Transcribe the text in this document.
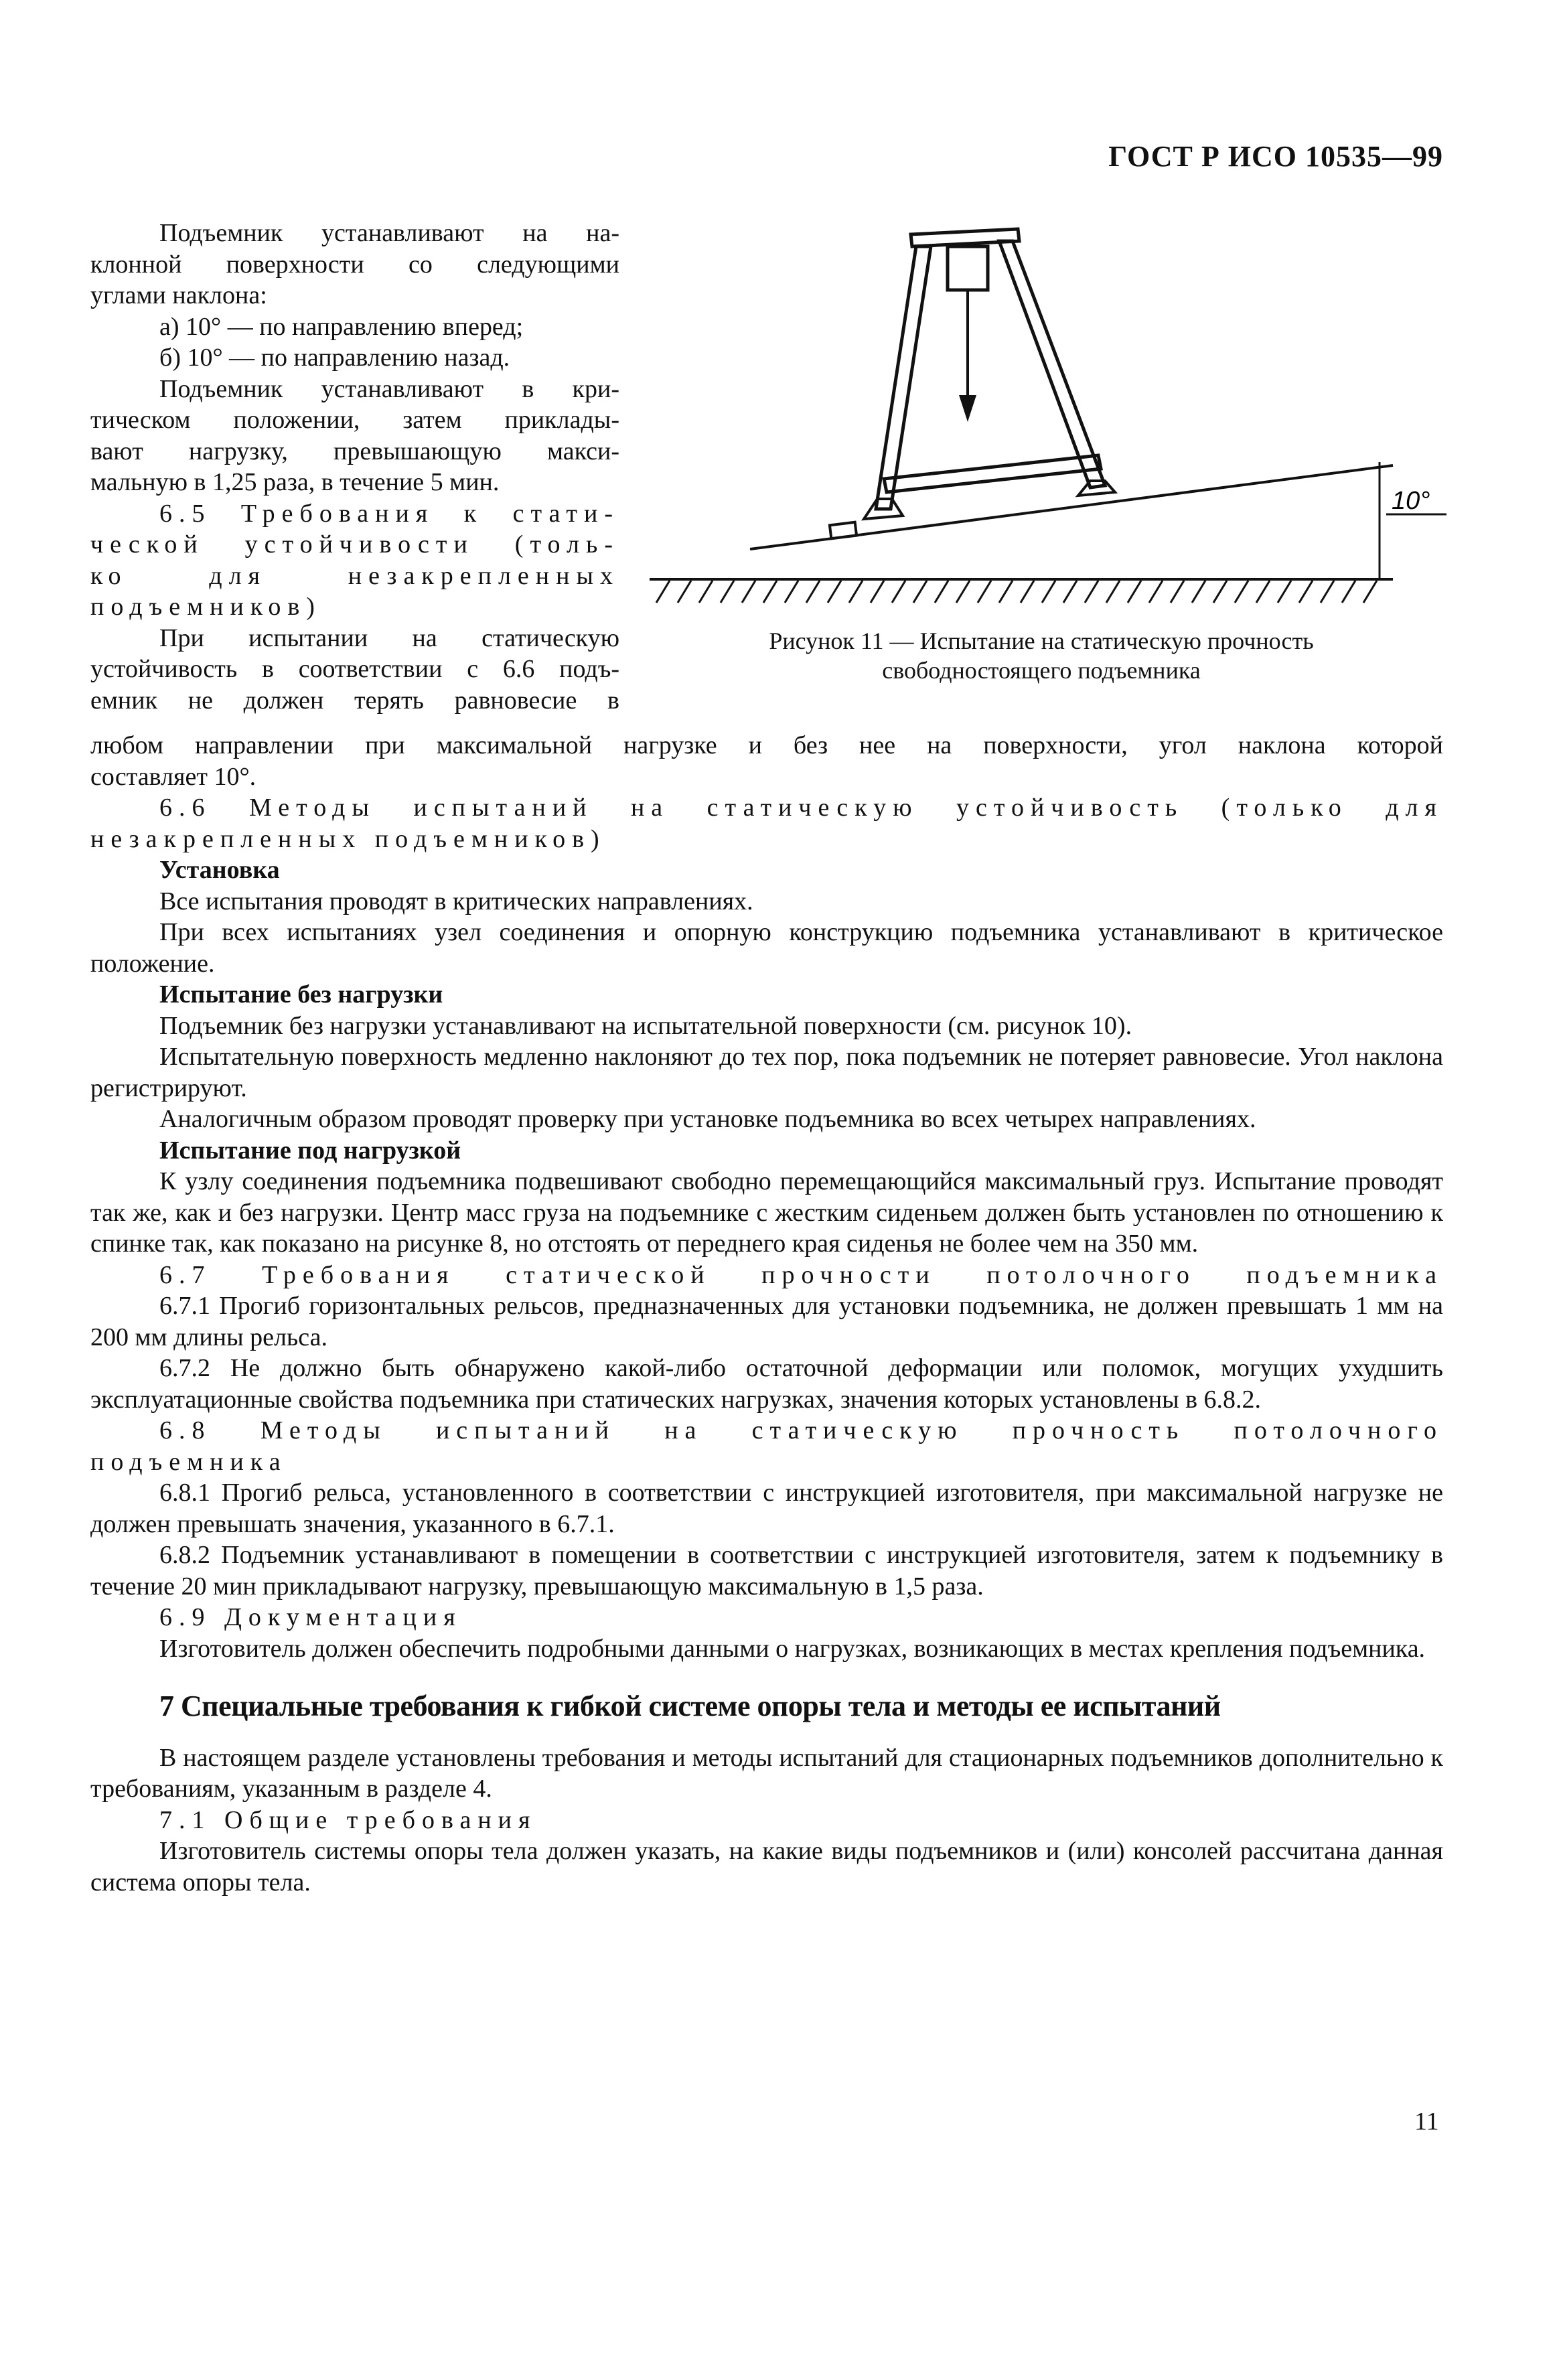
ГОСТ Р ИСО 10535—99

Подъемник устанавливают на на-

клонной поверхности со следующими

углами наклона:

а) 10° — по направлению вперед;

б) 10° — по направлению назад.

Подъемник устанавливают в кри-

тическом положении, затем приклады-

вают нагрузку, превышающую макси-

мальную в 1,25 раза, в течение 5 мин.

6.5 Требования к стати-

ческой устойчивости (толь-

ко для незакрепленных

подъемников)

При испытании на статическую

устойчивость в соответствии с 6.6 подъ-

емник не должен терять равновесие в

10°
Рисунок 11 — Испытание на статическую прочность
свободностоящего подъемника

любом направлении при максимальной нагрузке и без нее на поверхности, угол наклона которой

составляет 10°.

6.6 Методы испытаний на статическую устойчивость (только для

незакрепленных подъемников)

Установка

Все испытания проводят в критических направлениях.

При всех испытаниях узел соединения и опорную конструкцию подъемника устанавливают в критическое положение.

Испытание без нагрузки

Подъемник без нагрузки устанавливают на испытательной поверхности (см. рисунок 10).

Испытательную поверхность медленно наклоняют до тех пор, пока подъемник не потеряет равновесие. Угол наклона регистрируют.

Аналогичным образом проводят проверку при установке подъемника во всех четырех направлениях.

Испытание под нагрузкой

К узлу соединения подъемника подвешивают свободно перемещающийся максимальный груз. Испытание проводят так же, как и без нагрузки. Центр масс груза на подъемнике с жестким сиденьем должен быть установлен по отношению к спинке так, как показано на рисунке 8, но отстоять от переднего края сиденья не более чем на 350 мм.

6.7 Требования статической прочности потолочного подъемника

6.7.1 Прогиб горизонтальных рельсов, предназначенных для установки подъемника, не должен превышать 1 мм на 200 мм длины рельса.

6.7.2 Не должно быть обнаружено какой-либо остаточной деформации или поломок, могущих ухудшить эксплуатационные свойства подъемника при статических нагрузках, значения которых установлены в 6.8.2.

6.8 Методы испытаний на статическую прочность потолочного

подъемника

6.8.1 Прогиб рельса, установленного в соответствии с инструкцией изготовителя, при максимальной нагрузке не должен превышать значения, указанного в 6.7.1.

6.8.2 Подъемник устанавливают в помещении в соответствии с инструкцией изготовителя, затем к подъемнику в течение 20 мин прикладывают нагрузку, превышающую максимальную в 1,5 раза.

6.9 Документация

Изготовитель должен обеспечить подробными данными о нагрузках, возникающих в местах крепления подъемника.

7 Специальные требования к гибкой системе опоры тела и методы ее испытаний

В настоящем разделе установлены требования и методы испытаний для стационарных подъемников дополнительно к требованиям, указанным в разделе 4.

7.1 Общие требования

Изготовитель системы опоры тела должен указать, на какие виды подъемников и (или) консолей рассчитана данная система опоры тела.

11
